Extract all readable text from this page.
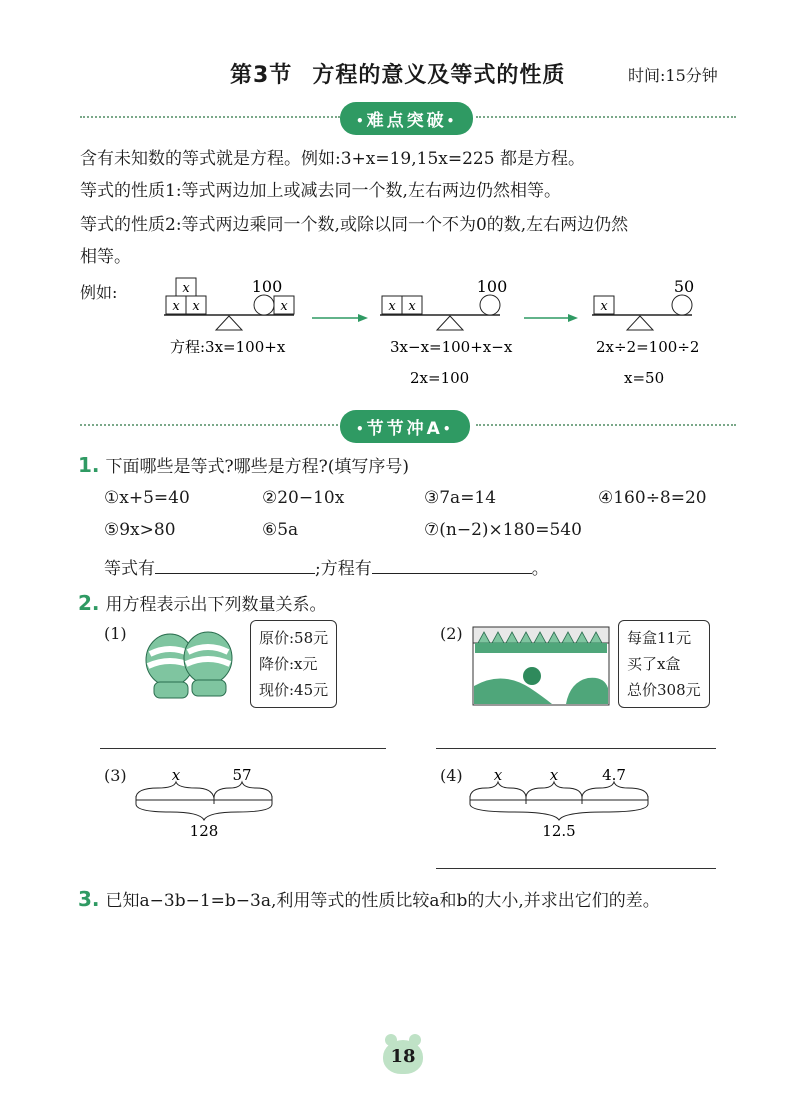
第3节 方程的意义及等式的性质	时间:15分钟
•难点突破•
含有未知数的等式就是方程。例如:3+x=19,15x=225 都是方程。
等式的性质1:等式两边加上或减去同一个数,左右两边仍然相等。
等式的性质2:等式两边乘同一个数,或除以同一个不为0的数,左右两边仍然
相等。
例如:	x
x x	x
100
方程:3x=100+x
x x
100
3x−x=100+x−x
2x=100
x
50
2x÷2=100÷2
x=50
•节节冲A•
1. 下面哪些是等式?哪些是方程?(填写序号)
①x+5=40	②20−10x	③7a=14	④160÷8=20
⑤9x>80	⑥5a	⑦(n−2)×180=540
等式有	;方程有	。
2. 用方程表示出下列数量关系。
(1)	原价:58元
降价:x元
现价:45元
(2)	每盒11元
买了x盒
总价308元
(3)	x	57
128
(4) x	x	4.7
12.5
3. 已知a−3b−1=b−3a,利用等式的性质比较a和b的大小,并求出它们的差。
18
